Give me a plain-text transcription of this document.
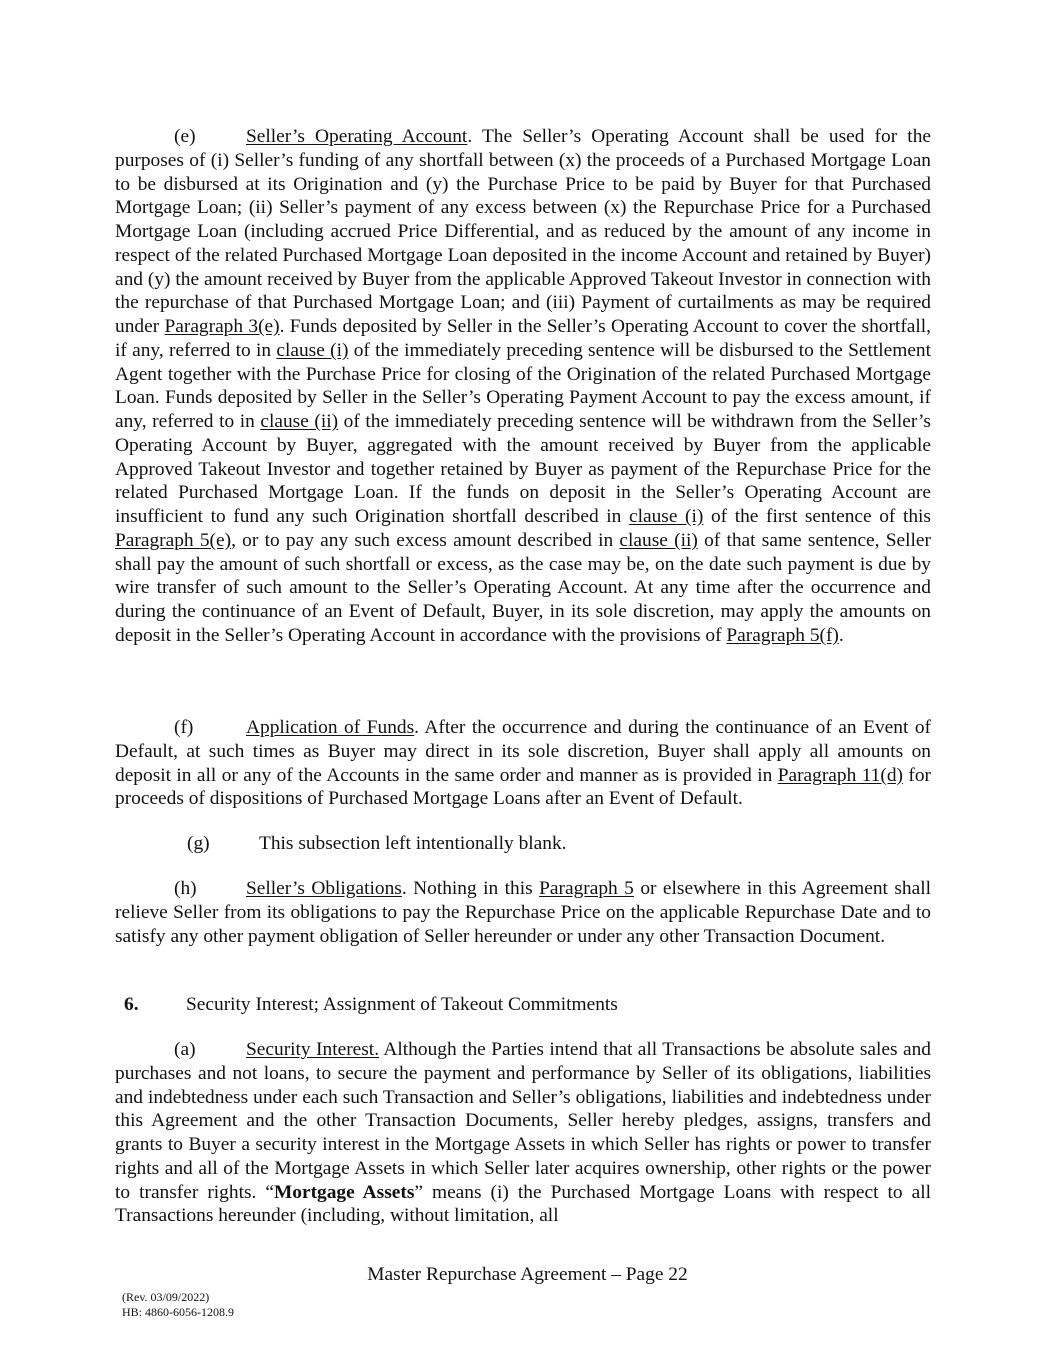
(e)	Seller’s Operating Account. The Seller’s Operating Account shall be used for the purposes of (i) Seller’s funding of any shortfall between (x) the proceeds of a Purchased Mortgage Loan to be disbursed at its Origination and (y) the Purchase Price to be paid by Buyer for that Purchased Mortgage Loan; (ii) Seller’s payment of any excess between (x) the Repurchase Price for a Purchased Mortgage Loan (including accrued Price Differential, and as reduced by the amount of any income in respect of the related Purchased Mortgage Loan deposited in the income Account and retained by Buyer) and (y) the amount received by Buyer from the applicable Approved Takeout Investor in connection with the repurchase of that Purchased Mortgage Loan; and (iii) Payment of curtailments as may be required under Paragraph 3(e). Funds deposited by Seller in the Seller’s Operating Account to cover the shortfall, if any, referred to in clause (i) of the immediately preceding sentence will be disbursed to the Settlement Agent together with the Purchase Price for closing of the Origination of the related Purchased Mortgage Loan. Funds deposited by Seller in the Seller’s Operating Payment Account to pay the excess amount, if any, referred to in clause (ii) of the immediately preceding sentence will be withdrawn from the Seller’s Operating Account by Buyer, aggregated with the amount received by Buyer from the applicable Approved Takeout Investor and together retained by Buyer as payment of the Repurchase Price for the related Purchased Mortgage Loan. If the funds on deposit in the Seller’s Operating Account are insufficient to fund any such Origination shortfall described in clause (i) of the first sentence of this Paragraph 5(e), or to pay any such excess amount described in clause (ii) of that same sentence, Seller shall pay the amount of such shortfall or excess, as the case may be, on the date such payment is due by wire transfer of such amount to the Seller’s Operating Account. At any time after the occurrence and during the continuance of an Event of Default, Buyer, in its sole discretion, may apply the amounts on deposit in the Seller’s Operating Account in accordance with the provisions of Paragraph 5(f).

(f)	Application of Funds. After the occurrence and during the continuance of an Event of Default, at such times as Buyer may direct in its sole discretion, Buyer shall apply all amounts on deposit in all or any of the Accounts in the same order and manner as is provided in Paragraph 11(d) for proceeds of dispositions of Purchased Mortgage Loans after an Event of Default.

(g)	This subsection left intentionally blank.

(h)	Seller’s Obligations. Nothing in this Paragraph 5 or elsewhere in this Agreement shall relieve Seller from its obligations to pay the Repurchase Price on the applicable Repurchase Date and to satisfy any other payment obligation of Seller hereunder or under any other Transaction Document.

6. Security Interest; Assignment of Takeout Commitments

(a)	Security Interest. Although the Parties intend that all Transactions be absolute sales and purchases and not loans, to secure the payment and performance by Seller of its obligations, liabilities and indebtedness under each such Transaction and Seller’s obligations, liabilities and indebtedness under this Agreement and the other Transaction Documents, Seller hereby pledges, assigns, transfers and grants to Buyer a security interest in the Mortgage Assets in which Seller has rights or power to transfer rights and all of the Mortgage Assets in which Seller later acquires ownership, other rights or the power to transfer rights. “Mortgage Assets” means (i) the Purchased Mortgage Loans with respect to all Transactions hereunder (including, without limitation, all

Master Repurchase Agreement – Page 22
(Rev. 03/09/2022)
HB: 4860-6056-1208.9
